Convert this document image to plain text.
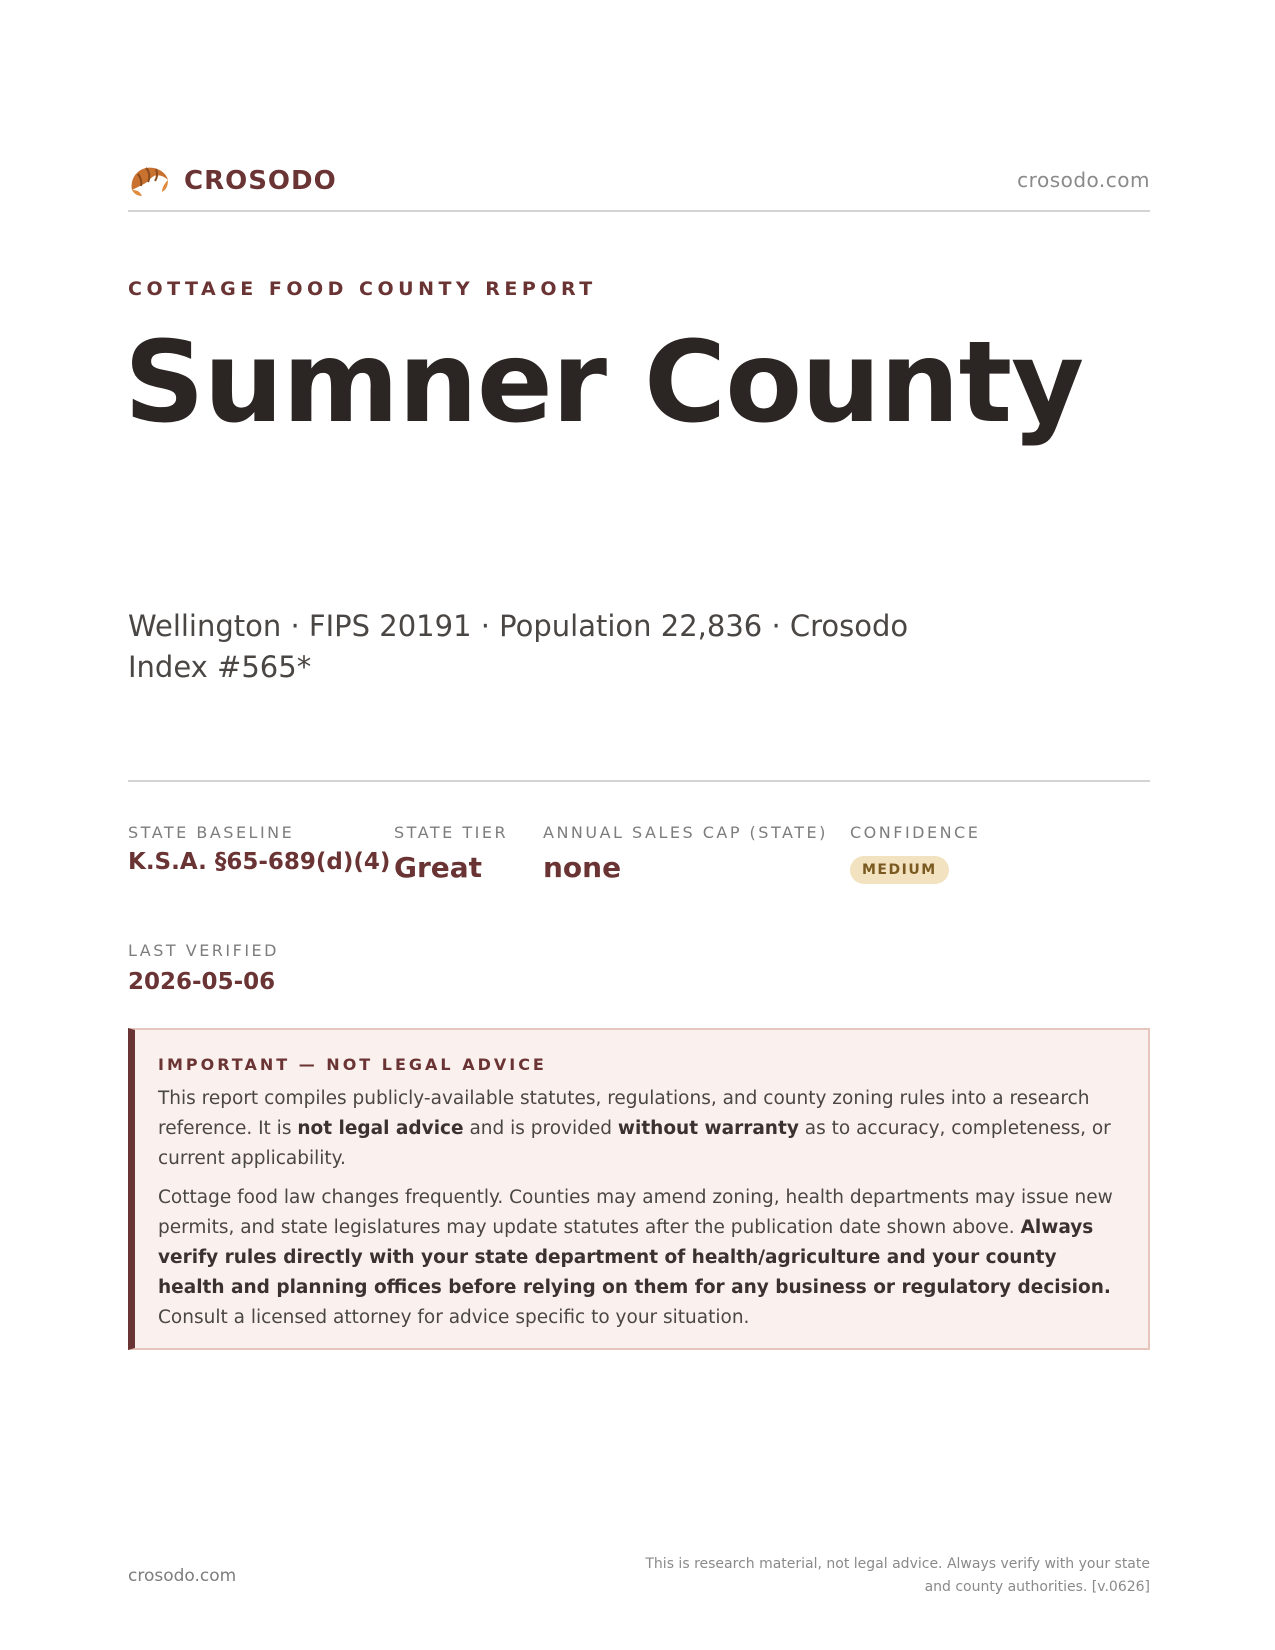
CROSODO	crosodo.com
COTTAGE FOOD COUNTY REPORT
Sumner County
Wellington · FIPS 20191 · Population 22,836 · Crosodo Index #565*
STATE BASELINE
K.S.A. §65-689(d)(4)
STATE TIER
Great
ANNUAL SALES CAP (STATE)
none
CONFIDENCE
MEDIUM
LAST VERIFIED
2026-05-06
IMPORTANT — NOT LEGAL ADVICE

This report compiles publicly-available statutes, regulations, and county zoning rules into a research reference. It is not legal advice and is provided without warranty as to accuracy, completeness, or current applicability.

Cottage food law changes frequently. Counties may amend zoning, health departments may issue new permits, and state legislatures may update statutes after the publication date shown above. Always verify rules directly with your state department of health/agriculture and your county health and planning offices before relying on them for any business or regulatory decision. Consult a licensed attorney for advice specific to your situation.

crosodo.com
This is research material, not legal advice. Always verify with your state
and county authorities. [v.0626]
